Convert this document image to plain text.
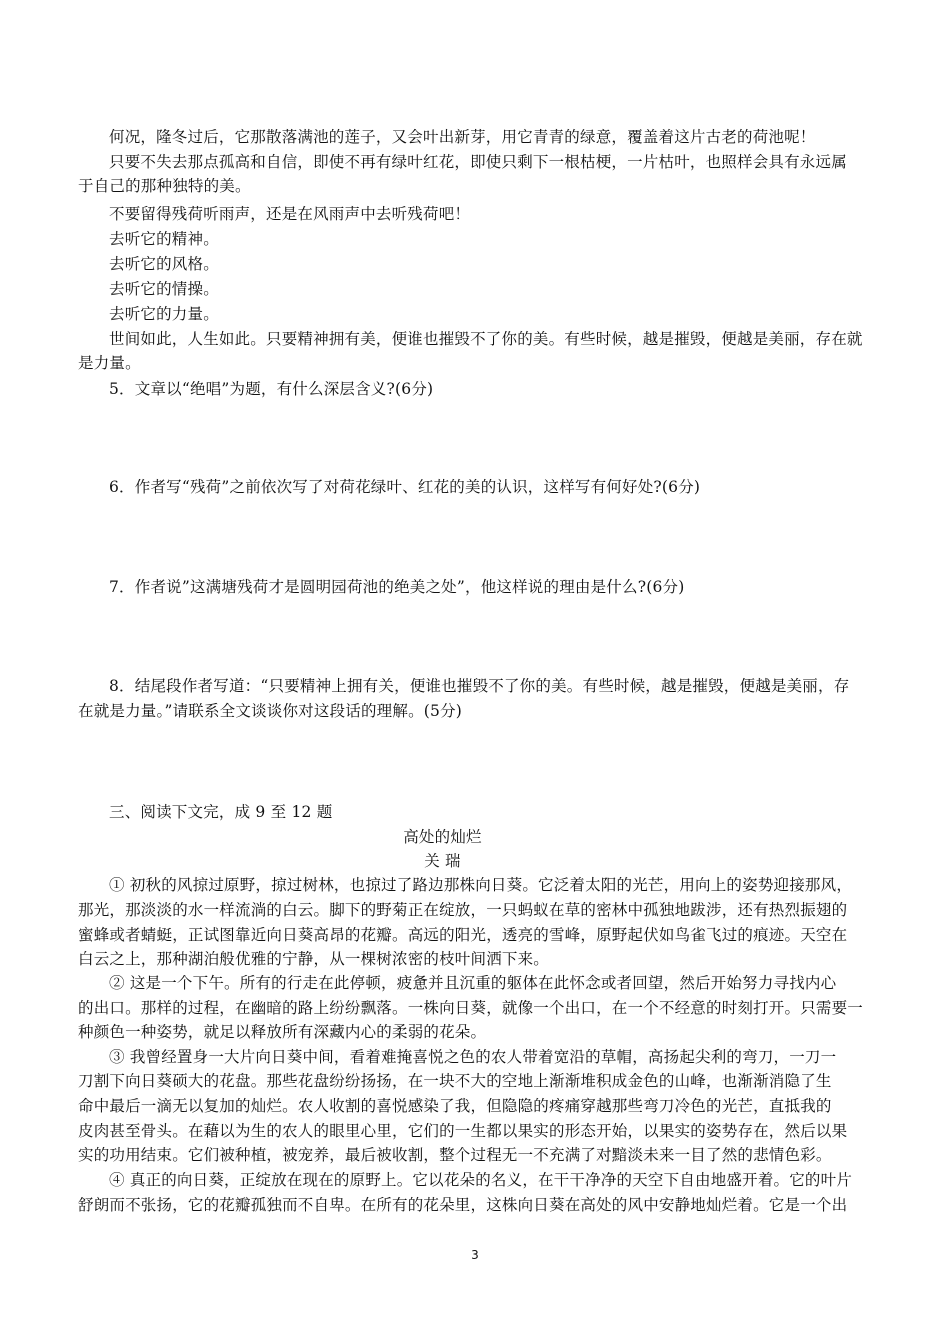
何况，隆冬过后，它那散落满池的莲子，又会叶出新芽，用它青青的绿意，覆盖着这片古老的荷池呢！
只要不失去那点孤高和自信，即使不再有绿叶红花，即使只剩下一根枯梗，一片枯叶，也照样会具有永远属
于自己的那种独特的美。
不要留得残荷听雨声，还是在风雨声中去听残荷吧！
去听它的精神。
去听它的风格。
去听它的情操。
去听它的力量。
世间如此，人生如此。只要精神拥有美，便谁也摧毁不了你的美。有些时候，越是摧毁，便越是美丽，存在就
是力量。
5．文章以“绝唱”为题，有什么深层含义?(6分)
6．作者写“残荷”之前依次写了对荷花绿叶、红花的美的认识，这样写有何好处?(6分)
7．作者说”这满塘残荷才是圆明园荷池的绝美之处”，他这样说的理由是什么?(6分)
8．结尾段作者写道：“只要精神上拥有关，便谁也摧毁不了你的美。有些时候，越是摧毁，便越是美丽，存
在就是力量。”请联系全文谈谈你对这段话的理解。(5分)
三、阅读下文完，成 9 至 12 题
高处的灿烂
关 瑞
① 初秋的风掠过原野，掠过树林，也掠过了路边那株向日葵。它泛着太阳的光芒，用向上的姿势迎接那风，
那光，那淡淡的水一样流淌的白云。脚下的野菊正在绽放，一只蚂蚁在草的密林中孤独地跋涉，还有热烈振翅的
蜜蜂或者蜻蜓，正试图靠近向日葵高昂的花瓣。高远的阳光，透亮的雪峰，原野起伏如鸟雀飞过的痕迹。天空在
白云之上，那种湖泊般优雅的宁静，从一棵树浓密的枝叶间洒下来。
② 这是一个下午。所有的行走在此停顿，疲惫并且沉重的躯体在此怀念或者回望，然后开始努力寻找内心
的出口。那样的过程，在幽暗的路上纷纷飘落。一株向日葵，就像一个出口，在一个不经意的时刻打开。只需要一
种颜色一种姿势，就足以释放所有深藏内心的柔弱的花朵。
③ 我曾经置身一大片向日葵中间，看着难掩喜悦之色的农人带着宽沿的草帽，高扬起尖利的弯刀，一刀一
刀割下向日葵硕大的花盘。那些花盘纷纷扬扬，在一块不大的空地上渐渐堆积成金色的山峰，也渐渐消隐了生
命中最后一滴无以复加的灿烂。农人收割的喜悦感染了我，但隐隐的疼痛穿越那些弯刀冷色的光芒，直抵我的
皮肉甚至骨头。在藉以为生的农人的眼里心里，它们的一生都以果实的形态开始，以果实的姿势存在，然后以果
实的功用结束。它们被种植，被宠养，最后被收割，整个过程无一不充满了对黯淡未来一目了然的悲情色彩。
④ 真正的向日葵，正绽放在现在的原野上。它以花朵的名义，在干干净净的天空下自由地盛开着。它的叶片
舒朗而不张扬，它的花瓣孤独而不自卑。在所有的花朵里，这株向日葵在高处的风中安静地灿烂着。它是一个出
3
